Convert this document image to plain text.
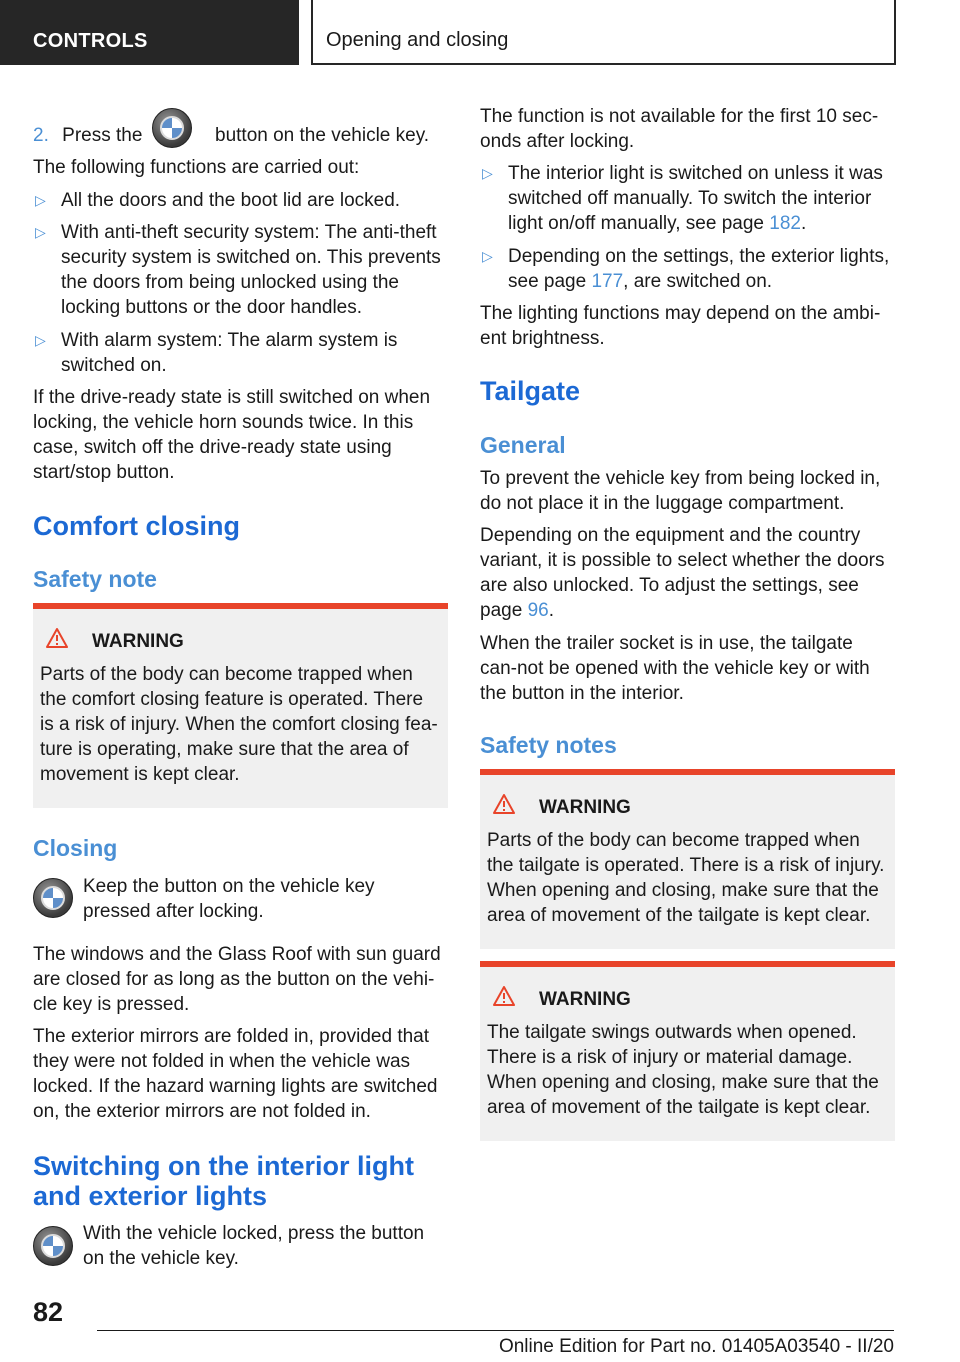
CONTROLS	Opening and closing
2. Press the	button on the vehicle key.
The following functions are carried out:
▷ All the doors and the boot lid are locked.
▷ With anti-theft security system: The anti-theft security system is switched on. This prevents the doors from being unlocked using the locking buttons or the door handles.
▷ With alarm system: The alarm system is switched on.
If the drive-ready state is still switched on when locking, the vehicle horn sounds twice. In this case, switch off the drive-ready state using start/stop button.
Comfort closing
Safety note
WARNING
Parts of the body can become trapped when the comfort closing feature is operated. There is a risk of injury. When the comfort closing fea-ture is operating, make sure that the area of movement is kept clear.
Closing
Keep the button on the vehicle key pressed after locking.
The windows and the Glass Roof with sun guard are closed for as long as the button on the vehi-cle key is pressed.
The exterior mirrors are folded in, provided that they were not folded in when the vehicle was locked. If the hazard warning lights are switched on, the exterior mirrors are not folded in.
Switching on the interior light and exterior lights
With the vehicle locked, press the button on the vehicle key.
The function is not available for the first 10 sec-onds after locking.
▷ The interior light is switched on unless it was switched off manually. To switch the interior light on/off manually, see page 182.
▷ Depending on the settings, the exterior lights, see page 177, are switched on.
The lighting functions may depend on the ambi-ent brightness.
Tailgate
General
To prevent the vehicle key from being locked in, do not place it in the luggage compartment.
Depending on the equipment and the country variant, it is possible to select whether the doors are also unlocked. To adjust the settings, see page 96.
When the trailer socket is in use, the tailgate can-not be opened with the vehicle key or with the button in the interior.
Safety notes
WARNING
Parts of the body can become trapped when the tailgate is operated. There is a risk of injury. When opening and closing, make sure that the area of movement of the tailgate is kept clear.
WARNING
The tailgate swings outwards when opened. There is a risk of injury or material damage. When opening and closing, make sure that the area of movement of the tailgate is kept clear.
82
Online Edition for Part no. 01405A03540 - II/20
